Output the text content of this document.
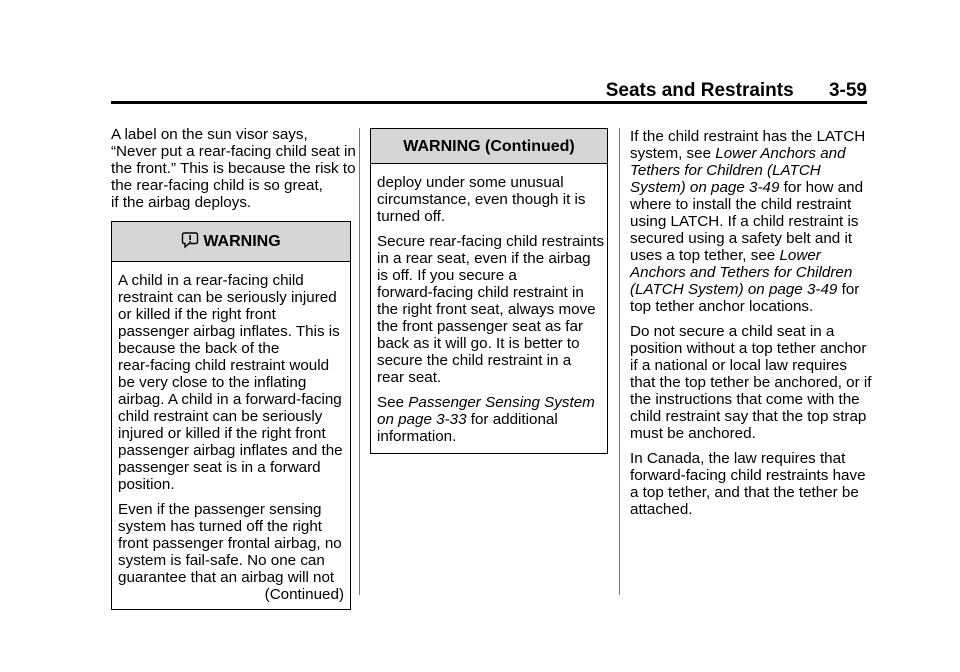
Seats and Restraints 3-59

A label on the sun visor says,
“Never put a rear-facing child seat in
the front.” This is because the risk to
the rear-facing child is so great,
if the airbag deploys.

WARNING

A child in a rear-facing child
restraint can be seriously injured
or killed if the right front
passenger airbag inflates. This is
because the back of the
rear-facing child restraint would
be very close to the inflating
airbag. A child in a forward-facing
child restraint can be seriously
injured or killed if the right front
passenger airbag inflates and the
passenger seat is in a forward
position.

Even if the passenger sensing
system has turned off the right
front passenger frontal airbag, no
system is fail-safe. No one can
guarantee that an airbag will not
(Continued)

WARNING (Continued)

deploy under some unusual
circumstance, even though it is
turned off.

Secure rear-facing child restraints
in a rear seat, even if the airbag
is off. If you secure a
forward-facing child restraint in
the right front seat, always move
the front passenger seat as far
back as it will go. It is better to
secure the child restraint in a
rear seat.

See Passenger Sensing System
on page 3-33 for additional
information.

If the child restraint has the LATCH
system, see Lower Anchors and
Tethers for Children (LATCH
System) on page 3-49 for how and
where to install the child restraint
using LATCH. If a child restraint is
secured using a safety belt and it
uses a top tether, see Lower
Anchors and Tethers for Children
(LATCH System) on page 3-49 for
top tether anchor locations.

Do not secure a child seat in a
position without a top tether anchor
if a national or local law requires
that the top tether be anchored, or if
the instructions that come with the
child restraint say that the top strap
must be anchored.

In Canada, the law requires that
forward-facing child restraints have
a top tether, and that the tether be
attached.
